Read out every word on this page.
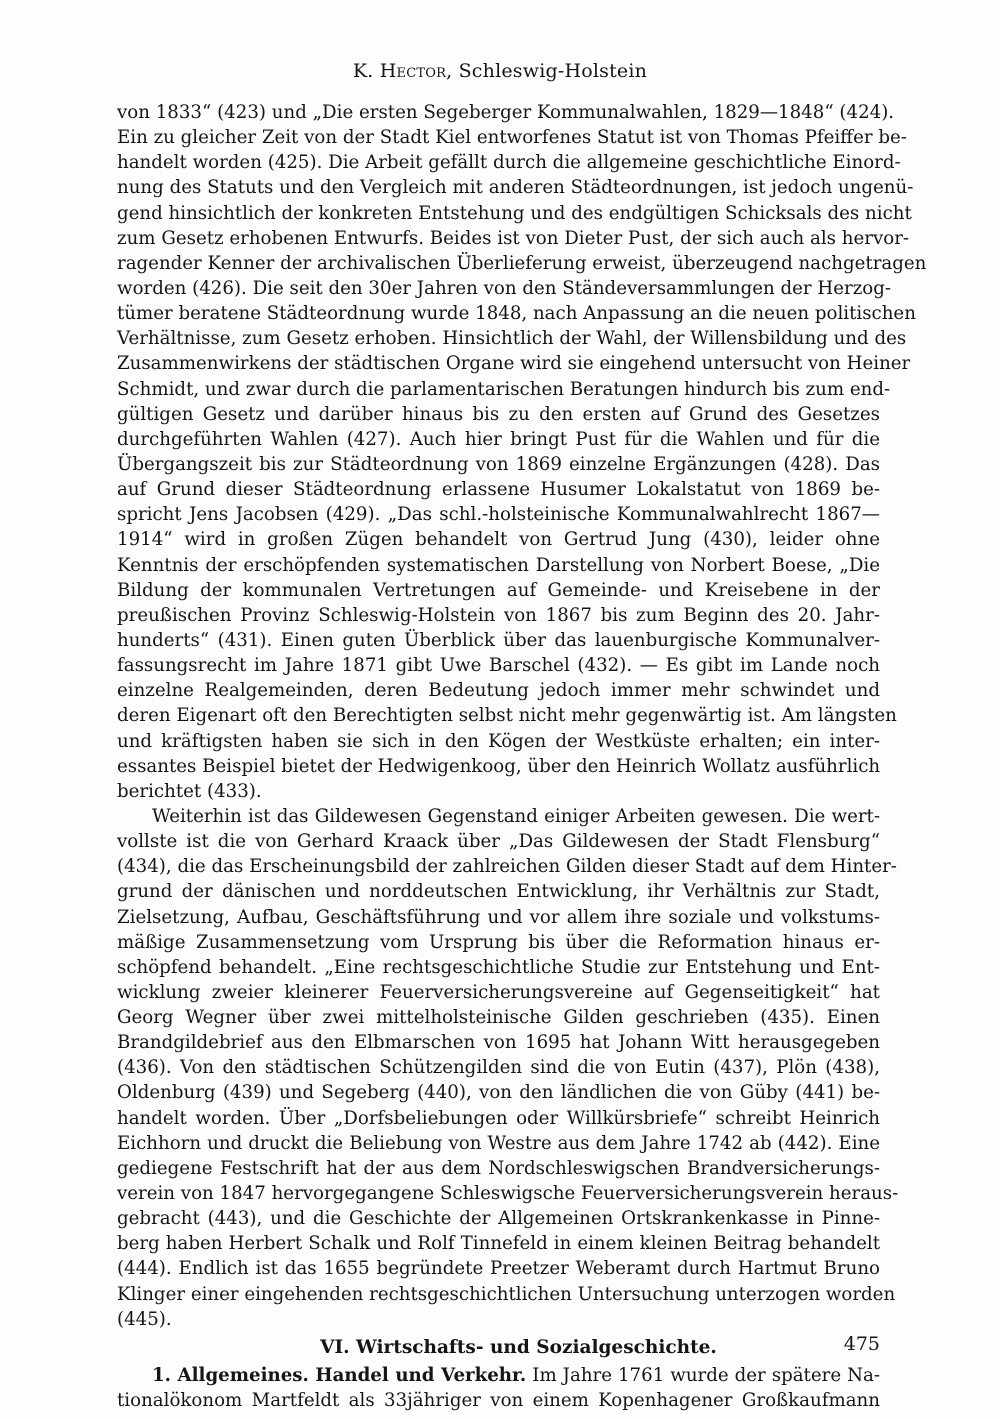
K. Hector, Schleswig-Holstein
von 1833“ (423) und „Die ersten Segeberger Kommunalwahlen, 1829—1848“ (424).
Ein zu gleicher Zeit von der Stadt Kiel entworfenes Statut ist von Thomas Pfeiffer be-
handelt worden (425). Die Arbeit gefällt durch die allgemeine geschichtliche Einord-
nung des Statuts und den Vergleich mit anderen Städteordnungen, ist jedoch ungenü-
gend hinsichtlich der konkreten Entstehung und des endgültigen Schicksals des nicht
zum Gesetz erhobenen Entwurfs. Beides ist von Dieter Pust, der sich auch als hervor-
ragender Kenner der archivalischen Überlieferung erweist, überzeugend nachgetragen
worden (426). Die seit den 30er Jahren von den Ständeversammlungen der Herzog-
tümer beratene Städteordnung wurde 1848, nach Anpassung an die neuen politischen
Verhältnisse, zum Gesetz erhoben. Hinsichtlich der Wahl, der Willensbildung und des
Zusammenwirkens der städtischen Organe wird sie eingehend untersucht von Heiner
Schmidt, und zwar durch die parlamentarischen Beratungen hindurch bis zum end-
gültigen Gesetz und darüber hinaus bis zu den ersten auf Grund des Gesetzes
durchgeführten Wahlen (427). Auch hier bringt Pust für die Wahlen und für die
Übergangszeit bis zur Städteordnung von 1869 einzelne Ergänzungen (428). Das
auf Grund dieser Städteordnung erlassene Husumer Lokalstatut von 1869 be-
spricht Jens Jacobsen (429). „Das schl.-holsteinische Kommunalwahlrecht 1867—
1914“ wird in großen Zügen behandelt von Gertrud Jung (430), leider ohne
Kenntnis der erschöpfenden systematischen Darstellung von Norbert Boese, „Die
Bildung der kommunalen Vertretungen auf Gemeinde- und Kreisebene in der
preußischen Provinz Schleswig-Holstein von 1867 bis zum Beginn des 20. Jahr-
hunderts“ (431). Einen guten Überblick über das lauenburgische Kommunalver-
fassungsrecht im Jahre 1871 gibt Uwe Barschel (432). — Es gibt im Lande noch
einzelne Realgemeinden, deren Bedeutung jedoch immer mehr schwindet und
deren Eigenart oft den Berechtigten selbst nicht mehr gegenwärtig ist. Am längsten
und kräftigsten haben sie sich in den Kögen der Westküste erhalten; ein inter-
essantes Beispiel bietet der Hedwigenkoog, über den Heinrich Wollatz ausführlich
berichtet (433).
Weiterhin ist das Gildewesen Gegenstand einiger Arbeiten gewesen. Die wert-
vollste ist die von Gerhard Kraack über „Das Gildewesen der Stadt Flensburg“
(434), die das Erscheinungsbild der zahlreichen Gilden dieser Stadt auf dem Hinter-
grund der dänischen und norddeutschen Entwicklung, ihr Verhältnis zur Stadt,
Zielsetzung, Aufbau, Geschäftsführung und vor allem ihre soziale und volkstums-
mäßige Zusammensetzung vom Ursprung bis über die Reformation hinaus er-
schöpfend behandelt. „Eine rechtsgeschichtliche Studie zur Entstehung und Ent-
wicklung zweier kleinerer Feuerversicherungsvereine auf Gegenseitigkeit“ hat
Georg Wegner über zwei mittelholsteinische Gilden geschrieben (435). Einen
Brandgildebrief aus den Elbmarschen von 1695 hat Johann Witt herausgegeben
(436). Von den städtischen Schützengilden sind die von Eutin (437), Plön (438),
Oldenburg (439) und Segeberg (440), von den ländlichen die von Güby (441) be-
handelt worden. Über „Dorfsbeliebungen oder Willkürsbriefe“ schreibt Heinrich
Eichhorn und druckt die Beliebung von Westre aus dem Jahre 1742 ab (442). Eine
gediegene Festschrift hat der aus dem Nordschleswigschen Brandversicherungs-
verein von 1847 hervorgegangene Schleswigsche Feuerversicherungsverein heraus-
gebracht (443), und die Geschichte der Allgemeinen Ortskrankenkasse in Pinne-
berg haben Herbert Schalk und Rolf Tinnefeld in einem kleinen Beitrag behandelt
(444). Endlich ist das 1655 begründete Preetzer Weberamt durch Hartmut Bruno
Klinger einer eingehenden rechtsgeschichtlichen Untersuchung unterzogen worden
(445).
VI. Wirtschafts- und Sozialgeschichte.
1. Allgemeines. Handel und Verkehr. Im Jahre 1761 wurde der spätere Na-
tionalökonom Martfeldt als 33jähriger von einem Kopenhagener Großkaufmann
475
